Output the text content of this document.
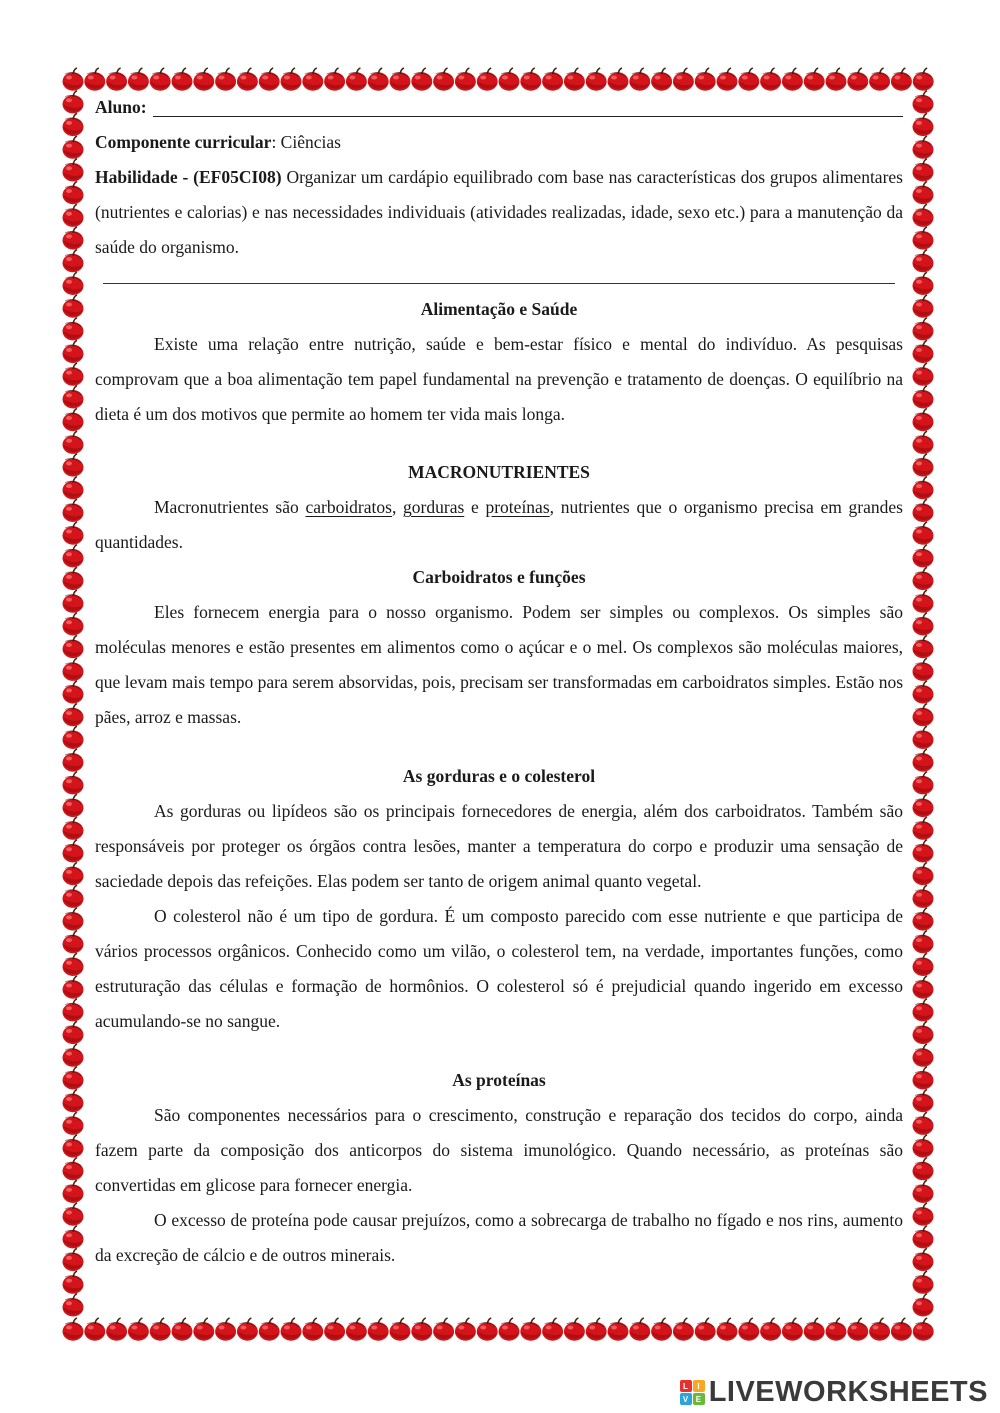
Aluno:

Componente curricular: Ciências

Habilidade - (EF05CI08) Organizar um cardápio equilibrado com base nas características dos grupos alimentares (nutrientes e calorias) e nas necessidades individuais (atividades realizadas, idade, sexo etc.) para a manutenção da saúde do organismo.

Alimentação e Saúde

Existe uma relação entre nutrição, saúde e bem-estar físico e mental do indivíduo. As pesquisas comprovam que a boa alimentação tem papel fundamental na prevenção e tratamento de doenças. O equilíbrio na dieta é um dos motivos que permite ao homem ter vida mais longa.

MACRONUTRIENTES

Macronutrientes são carboidratos, gorduras e proteínas, nutrientes que o organismo precisa em grandes quantidades.

Carboidratos e funções

Eles fornecem energia para o nosso organismo. Podem ser simples ou complexos. Os simples são moléculas menores e estão presentes em alimentos como o açúcar e o mel. Os complexos são moléculas maiores, que levam mais tempo para serem absorvidas, pois, precisam ser transformadas em carboidratos simples. Estão nos pães, arroz e massas.

As gorduras e o colesterol

As gorduras ou lipídeos são os principais fornecedores de energia, além dos carboidratos. Também são responsáveis por proteger os órgãos contra lesões, manter a temperatura do corpo e produzir uma sensação de saciedade depois das refeições. Elas podem ser tanto de origem animal quanto vegetal.

O colesterol não é um tipo de gordura. É um composto parecido com esse nutriente e que participa de vários processos orgânicos. Conhecido como um vilão, o colesterol tem, na verdade, importantes funções, como estruturação das células e formação de hormônios. O colesterol só é prejudicial quando ingerido em excesso acumulando-se no sangue.

As proteínas

São componentes necessários para o crescimento, construção e reparação dos tecidos do corpo, ainda fazem parte da composição dos anticorpos do sistema imunológico. Quando necessário, as proteínas são convertidas em glicose para fornecer energia.

O excesso de proteína pode causar prejuízos, como a sobrecarga de trabalho no fígado e nos rins, aumento da excreção de cálcio e de outros minerais.

L	I
V E LIVEWORKSHEETS
